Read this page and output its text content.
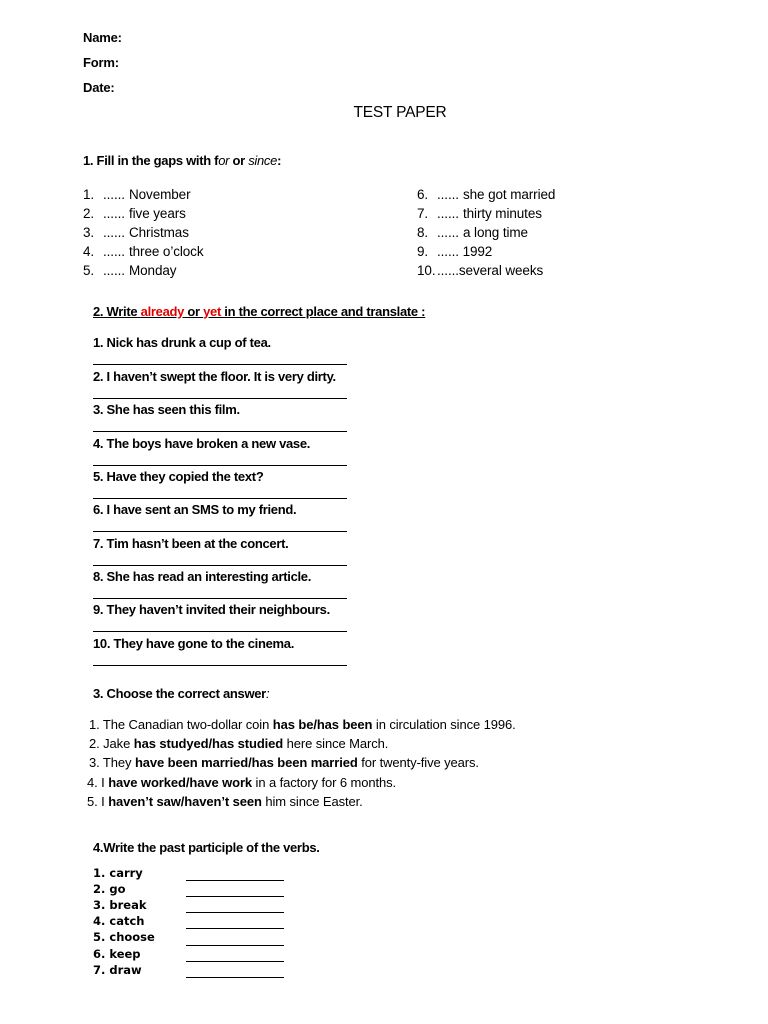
Name:
Form:
Date:
TEST PAPER
1. Fill in the gaps with for or since:
1. ...... November
2. ...... five years
3. ...... Christmas
4. ...... three o’clock
5. ...... Monday
6. ...... she got married
7. ...... thirty minutes
8. ...... a long time
9. ...... 1992
10. ......several weeks
2. Write already or yet in the correct place and translate :
1. Nick has drunk a cup of tea.
2. I haven’t swept the floor. It is very dirty.
3. She has seen this film.
4. The boys have broken a new vase.
5. Have they copied the text?
6. I have sent an SMS to my friend.
7. Tim hasn’t been at the concert.
8. She has read an interesting article.
9. They haven’t invited their neighbours.
10. They have gone to the cinema.
3. Choose the correct answer:
1. The Canadian two-dollar coin has be/has been in circulation since 1996.
2. Jake has studyed/has studied here since March.
3. They have been married/has been married for twenty-five years.
4. I have worked/have work in a factory for 6 months.
5. I haven’t saw/haven’t seen him since Easter.
4.Write the past participle of the verbs.
1. carry
2. go
3. break
4. catch
5. choose
6. keep
7. draw
